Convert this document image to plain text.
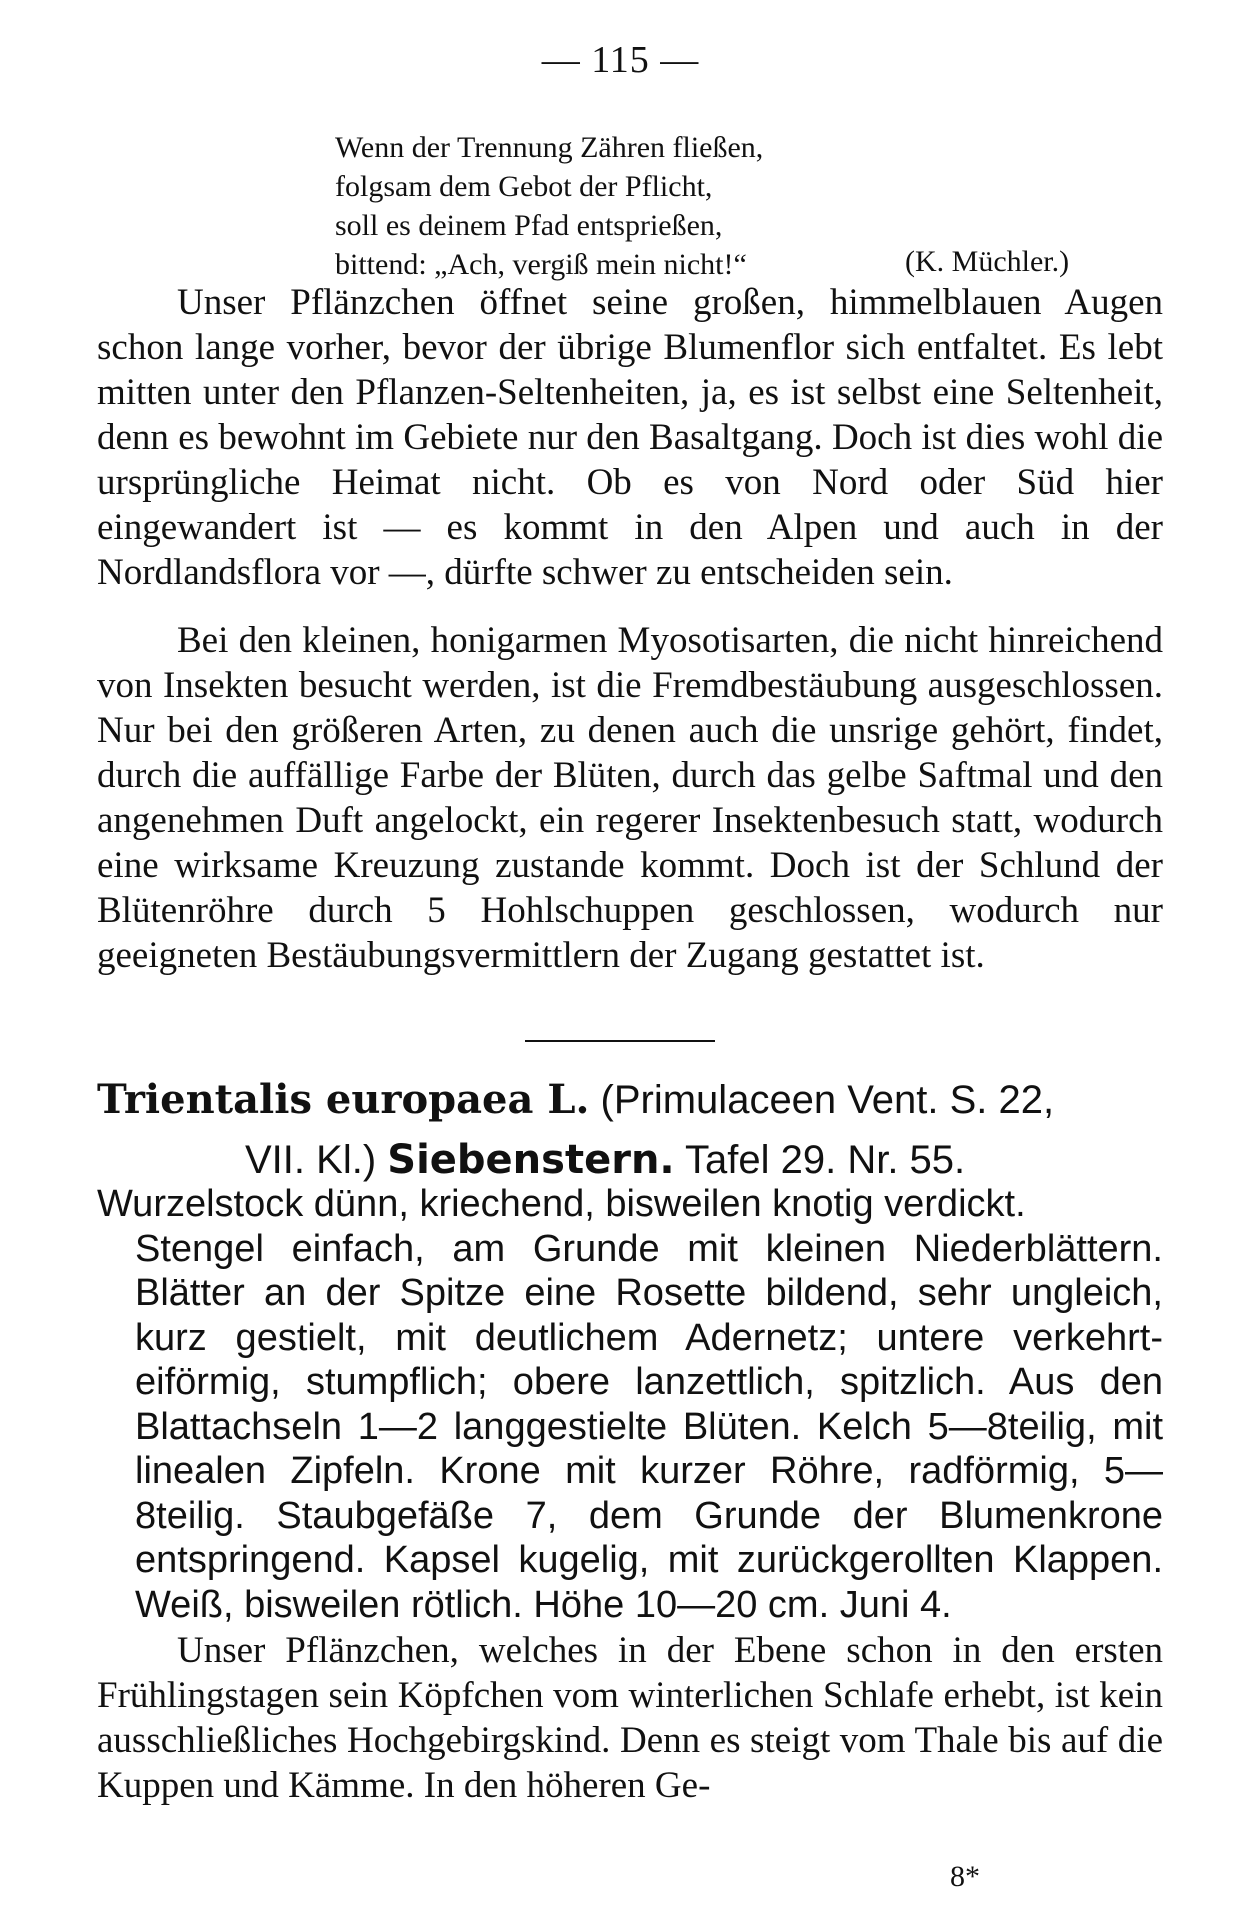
— 115 —
Wenn der Trennung Zähren fließen,
folgsam dem Gebot der Pflicht,
soll es deinem Pfad entsprießen,
bittend: „Ach, vergiß mein nicht!“	(K. Müchler.)

Unser Pflänzchen öffnet seine großen, himmelblauen Augen schon lange vorher, bevor der übrige Blumenflor sich entfaltet. Es lebt mitten unter den Pflanzen-Seltenheiten, ja, es ist selbst eine Seltenheit, denn es bewohnt im Gebiete nur den Basaltgang. Doch ist dies wohl die ursprüngliche Heimat nicht. Ob es von Nord oder Süd hier eingewandert ist — es kommt in den Alpen und auch in der Nordlandsflora vor —, dürfte schwer zu entscheiden sein.

Bei den kleinen, honigarmen Myosotisarten, die nicht hinreichend von Insekten besucht werden, ist die Fremdbestäubung ausgeschlossen. Nur bei den größeren Arten, zu denen auch die unsrige gehört, findet, durch die auffällige Farbe der Blüten, durch das gelbe Saftmal und den angenehmen Duft angelockt, ein regerer Insektenbesuch statt, wodurch eine wirksame Kreuzung zustande kommt. Doch ist der Schlund der Blütenröhre durch 5 Hohlschuppen geschlossen, wodurch nur geeigneten Bestäubungsvermittlern der Zugang gestattet ist.

Trientalis europaea L. (Primulaceen Vent. S. 22,
VII. Kl.) Siebenstern. Tafel 29. Nr. 55.
Wurzelstock dünn, kriechend, bisweilen knotig verdickt.
Stengel einfach, am Grunde mit kleinen Niederblättern. Blätter an der Spitze eine Rosette bildend, sehr ungleich, kurz gestielt, mit deutlichem Adernetz; untere verkehrt-eiförmig, stumpflich; obere lanzettlich, spitzlich. Aus den Blattachseln 1—2 langgestielte Blüten. Kelch 5—8teilig, mit linealen Zipfeln. Krone mit kurzer Röhre, radförmig, 5—8teilig. Staubgefäße 7, dem Grunde der Blumenkrone entspringend. Kapsel kugelig, mit zurückgerollten Klappen. Weiß, bisweilen rötlich. Höhe 10—20 cm. Juni 4.

Unser Pflänzchen, welches in der Ebene schon in den ersten Frühlingstagen sein Köpfchen vom winterlichen Schlafe erhebt, ist kein ausschließliches Hochgebirgskind. Denn es steigt vom Thale bis auf die Kuppen und Kämme. In den höheren Ge-

8*
